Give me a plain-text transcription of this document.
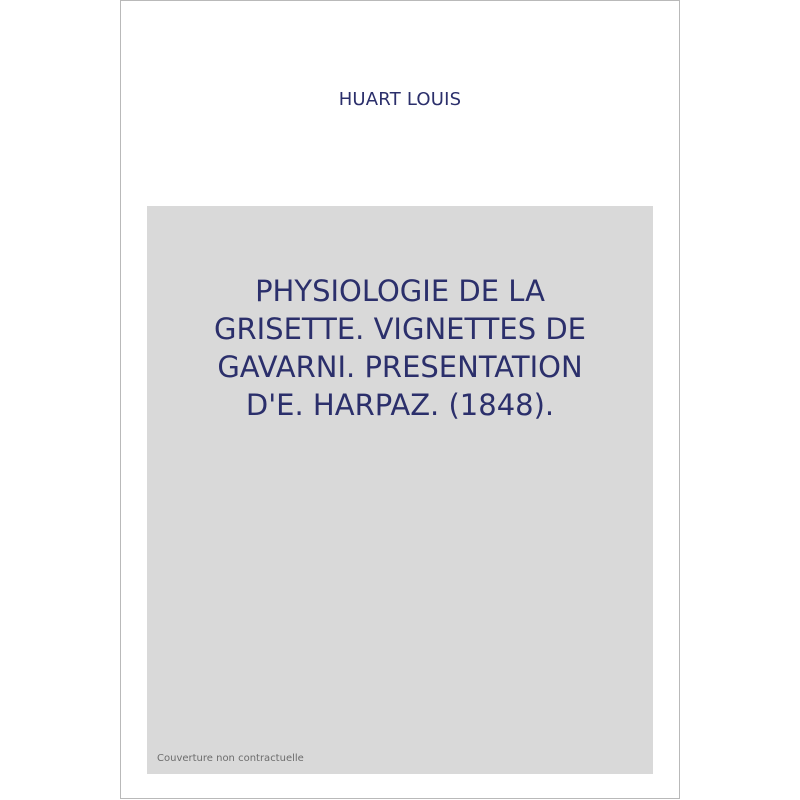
HUART LOUIS
PHYSIOLOGIE DE LA
GRISETTE. VIGNETTES DE
GAVARNI. PRESENTATION
D'E. HARPAZ. (1848).
Couverture non contractuelle
